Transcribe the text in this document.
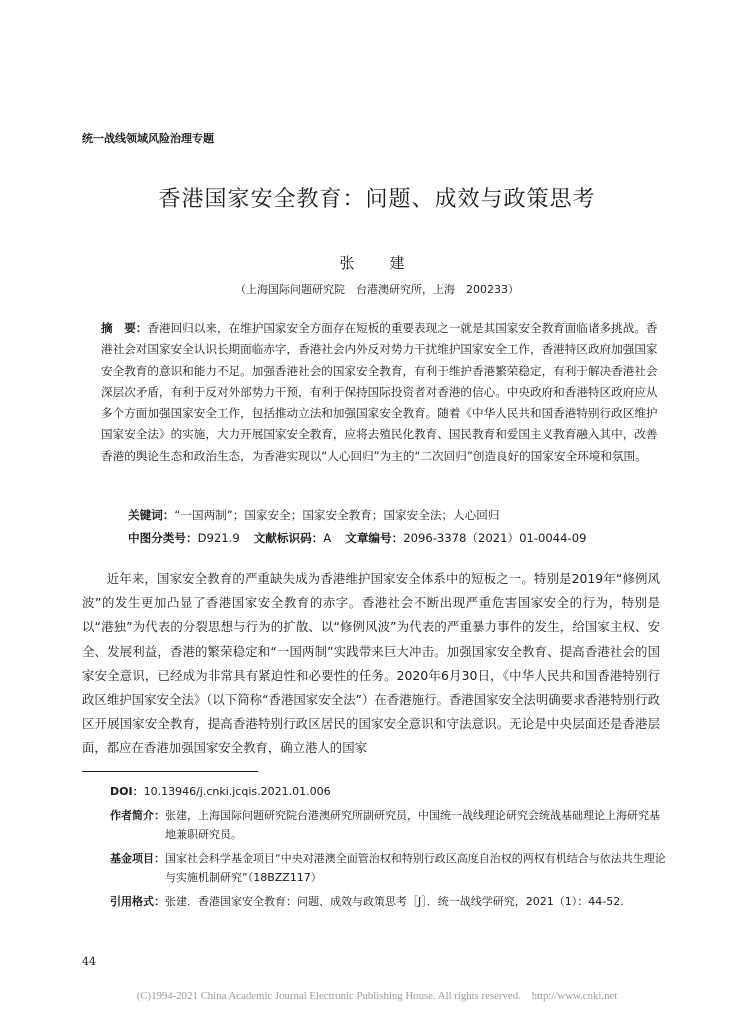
统一战线领域风险治理专题
香港国家安全教育：问题、成效与政策思考
张　建
（上海国际问题研究院　台港澳研究所，上海　200233）
摘　要：香港回归以来，在维护国家安全方面存在短板的重要表现之一就是其国家安全教育面临诸多挑战。香港社会对国家安全认识长期面临赤字，香港社会内外反对势力干扰维护国家安全工作，香港特区政府加强国家安全教育的意识和能力不足。加强香港社会的国家安全教育，有利于维护香港繁荣稳定，有利于解决香港社会深层次矛盾，有利于反对外部势力干预，有利于保持国际投资者对香港的信心。中央政府和香港特区政府应从多个方面加强国家安全工作，包括推动立法和加强国家安全教育。随着《中华人民共和国香港特别行政区维护国家安全法》的实施，大力开展国家安全教育，应将去殖民化教育、国民教育和爱国主义教育融入其中，改善香港的舆论生态和政治生态，为香港实现以“人心回归”为主的“二次回归”创造良好的国家安全环境和氛围。
关键词：“一国两制”；国家安全；国家安全教育；国家安全法；人心回归
中图分类号：D921.9 文献标识码：A 文章编号：2096-3378（2021）01-0044-09
近年来，国家安全教育的严重缺失成为香港维护国家安全体系中的短板之一。特别是2019年“修例风波”的发生更加凸显了香港国家安全教育的赤字。香港社会不断出现严重危害国家安全的行为，特别是以“港独”为代表的分裂思想与行为的扩散、以“修例风波”为代表的严重暴力事件的发生，给国家主权、安全、发展利益，香港的繁荣稳定和“一国两制”实践带来巨大冲击。加强国家安全教育、提高香港社会的国家安全意识，已经成为非常具有紧迫性和必要性的任务。2020年6月30日，《中华人民共和国香港特别行政区维护国家安全法》（以下简称“香港国家安全法”）在香港施行。香港国家安全法明确要求香港特别行政区开展国家安全教育，提高香港特别行政区居民的国家安全意识和守法意识。无论是中央层面还是香港层面，都应在香港加强国家安全教育，确立港人的国家
DOI： 10.13946/j.cnki.jcqis.2021.01.006
作者简介： 张建，上海国际问题研究院台港澳研究所副研究员，中国统一战线理论研究会统战基础理论上海研究基地兼职研究员。
基金项目： 国家社会科学基金项目“中央对港澳全面管治权和特别行政区高度自治权的两权有机结合与依法共生理论与实施机制研究”（18BZZ117）
引用格式： 张建．香港国家安全教育：问题、成效与政策思考［J］．统一战线学研究，2021（1）：44-52.
44
(C)1994-2021 China Academic Journal Electronic Publishing House. All rights reserved.　http://www.cnki.net
